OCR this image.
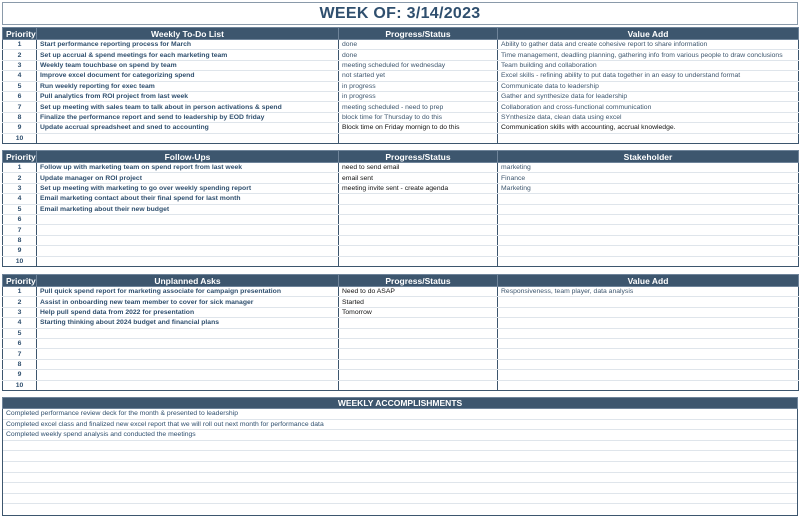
WEEK OF: 3/14/2023
Priority	Weekly To-Do List	Progress/Status	Value Add
1	Start performance reporting process for March	done	Ability to gather data and create cohesive report to share information
2	Set up accrual & spend meetings for each marketing team	done	Time management, deadling planning, gathering info from various people to draw conclusions
3	Weekly team touchbase on spend by team	meeting scheduled for wednesday	Team building and collaboration
4	Improve excel document for categorizing spend	not started yet	Excel skills - refining ability to put data together in an easy to understand format
5	Run weekly reporting for exec team	in progress	Communicate data to leadership
6	Pull analytics from ROI project from last week	in progress	Gather and synthesize data for leadership
7	Set up meeting with sales team to talk about in person activations & spend	meeting scheduled - need to prep	Collaboration and cross-functional communication
8	Finalize the performance report and send to leadership by EOD friday	block time for Thursday to do this	SYnthesize data, clean data using excel
9	Update accrual spreadsheet and sned to accounting	Block time on Friday mornign to do this	Communication skills with accounting, accrual knowledge.
10			
Priority	Follow-Ups	Progress/Status	Stakeholder
1	Follow up with marketing team on spend report from last week	need to send email	marketing
2	Update manager on ROI project	email sent	Finance
3	Set up meeting with marketing to go over weekly spending report	meeting invite sent - create agenda	Marketing
4	Email marketing contact about their final spend for last month		
5	Email marketing about their new budget		
6			
7			
8			
9			
10			
Priority	Unplanned Asks	Progress/Status	Value Add
1	Pull quick spend report for marketing associate for campaign presentation	Need to do ASAP	Responsiveness, team player, data analysis
2	Assist in onboarding new team member to cover for sick manager	Started	
3	Help pull spend data from 2022 for presentation	Tomorrow	
4	Starting thinking about 2024 budget and financial plans		
5			
6			
7			
8			
9			
10			
WEEKLY ACCOMPLISHMENTS
Completed performance review deck for the month & presented to leadership
Completed excel class and finalized new excel report that we will roll out next month for performance data
Completed weekly spend analysis and conducted the meetings
